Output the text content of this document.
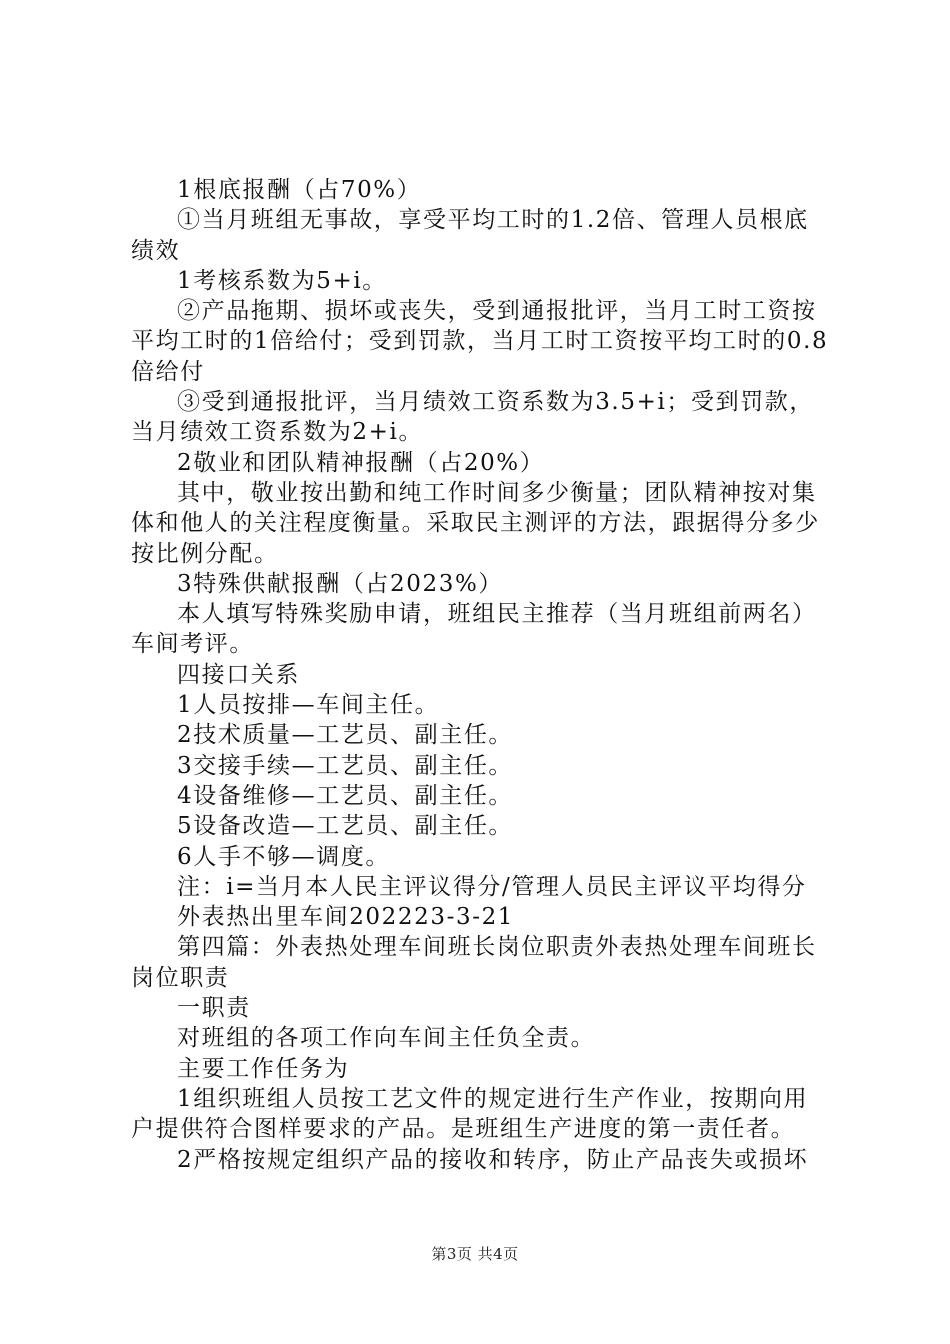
1根底报酬（占70%）

①当月班组无事故，享受平均工时的1.2倍、管理人员根底绩效

1考核系数为5+i。

②产品拖期、损坏或丧失，受到通报批评，当月工时工资按平均工时的1倍给付；受到罚款，当月工时工资按平均工时的0.8倍给付

③受到通报批评，当月绩效工资系数为3.5+i；受到罚款，当月绩效工资系数为2+i。

2敬业和团队精神报酬（占20%）

其中，敬业按出勤和纯工作时间多少衡量；团队精神按对集体和他人的关注程度衡量。采取民主测评的方法，跟据得分多少按比例分配。

3特殊供献报酬（占2023%）

本人填写特殊奖励申请，班组民主推荐（当月班组前两名）车间考评。

四接口关系

1人员按排—车间主任。

2技术质量—工艺员、副主任。

3交接手续—工艺员、副主任。

4设备维修—工艺员、副主任。

5设备改造—工艺员、副主任。

6人手不够—调度。

注：i=当月本人民主评议得分/管理人员民主评议平均得分

外表热出里车间202223-3-21

第四篇：外表热处理车间班长岗位职责外表热处理车间班长岗位职责

一职责

对班组的各项工作向车间主任负全责。

主要工作任务为

1组织班组人员按工艺文件的规定进行生产作业，按期向用户提供符合图样要求的产品。是班组生产进度的第一责任者。

2严格按规定组织产品的接收和转序，防止产品丧失或损坏

第3页 共4页
